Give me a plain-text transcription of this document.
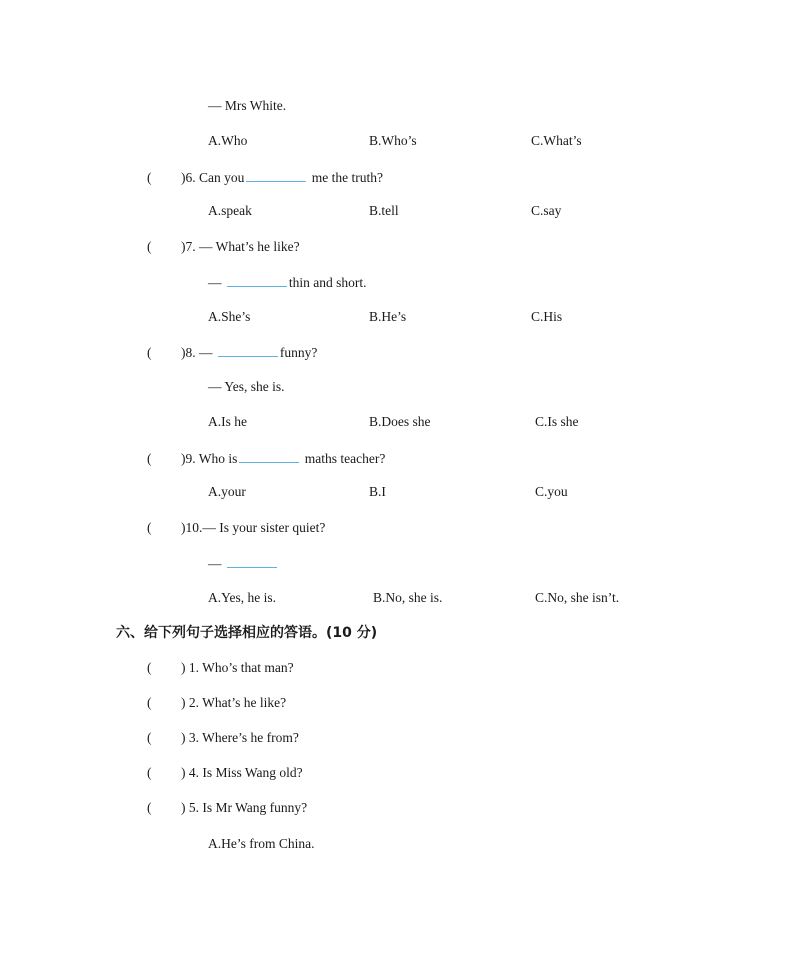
— Mrs White.
A.Who	B.Who’s	C.What’s
( )6. Can you	me the truth?
A.speak	B.tell	C.say
( )7. — What’s he like?
—	thin and short.
A.She’s	B.He’s	C.His
( )8. —	funny?
— Yes, she is.
A.Is he	B.Does she	C.Is she
( )9. Who is	maths teacher?
A.your	B.I	C.you
( )10.— Is your sister quiet?
—
A.Yes, he is.	B.No, she is.	C.No, she isn’t.
六、给下列句子选择相应的答语。(10 分)
( ) 1. Who’s that man?
( ) 2. What’s he like?
( ) 3. Where’s he from?
( ) 4. Is Miss Wang old?
( ) 5. Is Mr Wang funny?
A.He’s from China.
